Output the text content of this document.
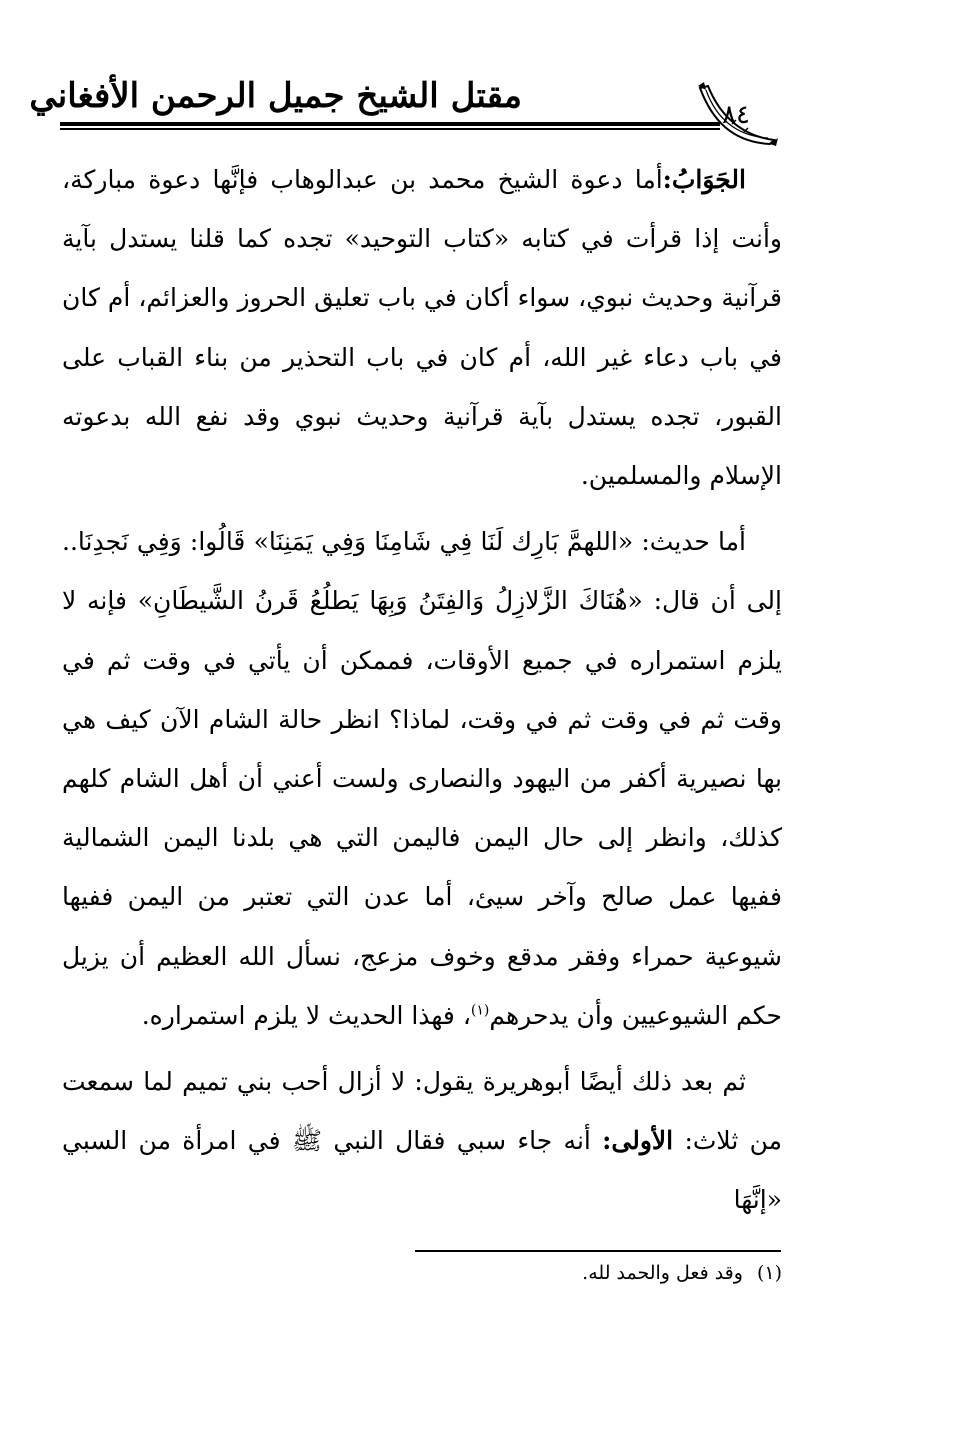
مقتل الشيخ جميل الرحمن الأفغاني	٨٤

الجَوَابُ:أما دعوة الشيخ محمد بن عبدالوهاب فإنَّها دعوة مباركة، وأنت إذا قرأت في كتابه «كتاب التوحيد» تجده كما قلنا يستدل بآية قرآنية وحديث نبوي، سواء أكان في باب تعليق الحروز والعزائم، أم كان في باب دعاء غير الله، أم كان في باب التحذير من بناء القباب على القبور، تجده يستدل بآية قرآنية وحديث نبوي وقد نفع الله بدعوته الإسلام والمسلمين.

أما حديث: «اللهمَّ بَارِك لَنَا فِي شَامِنَا وَفِي يَمَنِنَا» قَالُوا: وَفِي نَجدِنَا.. إلى أن قال: «هُنَاكَ الزَّلازِلُ وَالفِتَنُ وَبِهَا يَطلُعُ قَرنُ الشَّيطَانِ» فإنه لا يلزم استمراره في جميع الأوقات، فممكن أن يأتي في وقت ثم في وقت ثم في وقت ثم في وقت، لماذا؟ انظر حالة الشام الآن كيف هي بها نصيرية أكفر من اليهود والنصارى ولست أعني أن أهل الشام كلهم كذلك، وانظر إلى حال اليمن فاليمن التي هي بلدنا اليمن الشمالية ففيها عمل صالح وآخر سيئ، أما عدن التي تعتبر من اليمن ففيها شيوعية حمراء وفقر مدقع وخوف مزعج، نسأل الله العظيم أن يزيل حكم الشيوعيين وأن يدحرهم$^{(١)}$، فهذا الحديث لا يلزم استمراره.

ثم بعد ذلك أيضًا أبوهريرة يقول: لا أزال أحب بني تميم لما سمعت من ثلاث: الأولى: أنه جاء سبي فقال النبي ﷺ في امرأة من السبي «إنَّهَا

(١)وقد فعل والحمد لله.
